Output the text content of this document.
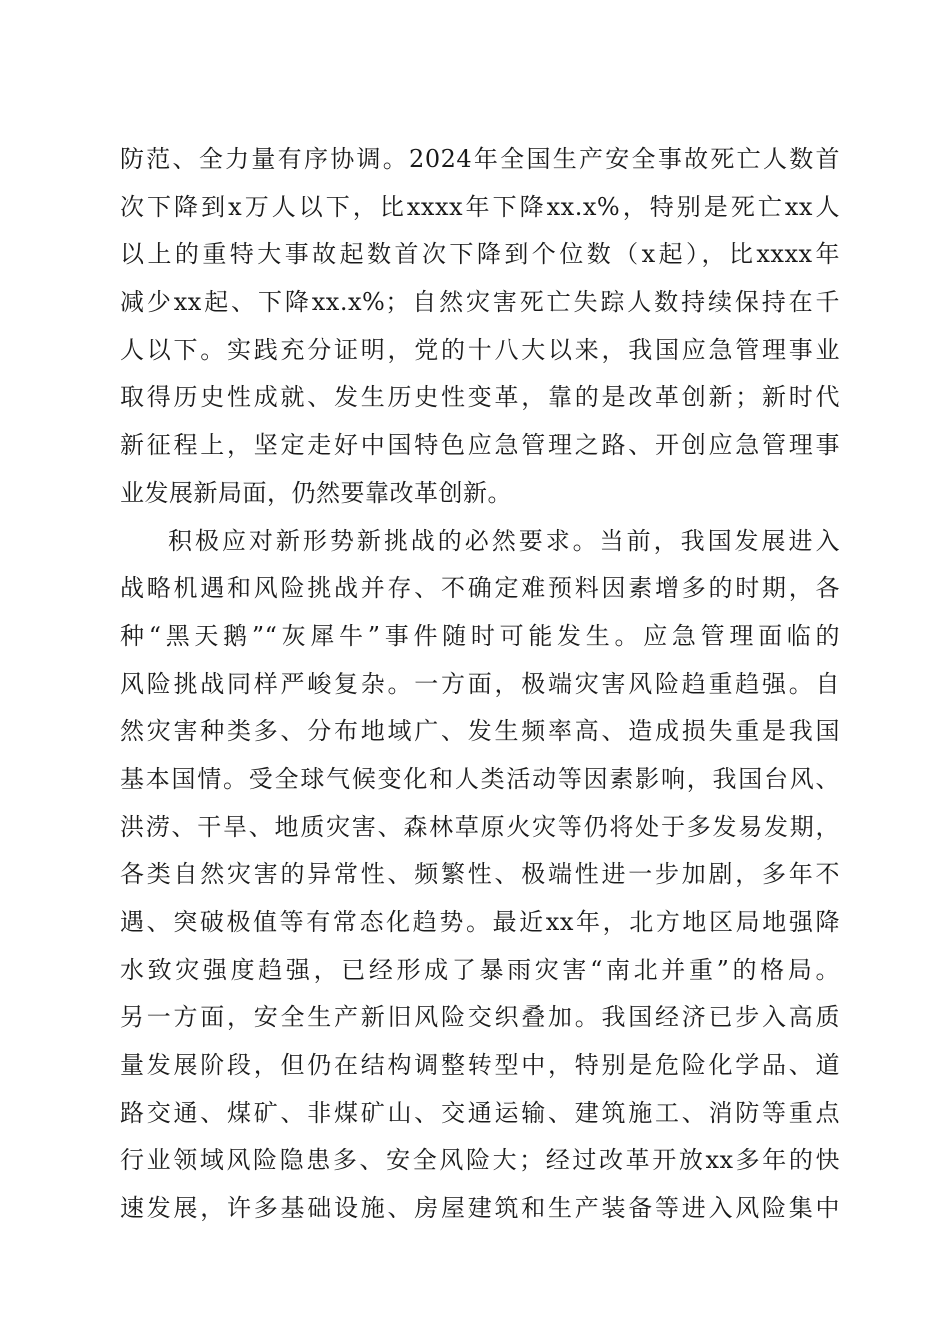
防范、全力量有序协调。2024年全国生产安全事故死亡人数首
次下降到x万人以下，比xxxx年下降xx.x%，特别是死亡xx人
以上的重特大事故起数首次下降到个位数（x起），比xxxx年
减少xx起、下降xx.x%；自然灾害死亡失踪人数持续保持在千
人以下。实践充分证明，党的十八大以来，我国应急管理事业
取得历史性成就、发生历史性变革，靠的是改革创新；新时代
新征程上，坚定走好中国特色应急管理之路、开创应急管理事
业发展新局面，仍然要靠改革创新。
积极应对新形势新挑战的必然要求。当前，我国发展进入
战略机遇和风险挑战并存、不确定难预料因素增多的时期，各
种“黑天鹅”“灰犀牛”事件随时可能发生。应急管理面临的
风险挑战同样严峻复杂。一方面，极端灾害风险趋重趋强。自
然灾害种类多、分布地域广、发生频率高、造成损失重是我国
基本国情。受全球气候变化和人类活动等因素影响，我国台风、
洪涝、干旱、地质灾害、森林草原火灾等仍将处于多发易发期，
各类自然灾害的异常性、频繁性、极端性进一步加剧，多年不
遇、突破极值等有常态化趋势。最近xx年，北方地区局地强降
水致灾强度趋强，已经形成了暴雨灾害“南北并重”的格局。
另一方面，安全生产新旧风险交织叠加。我国经济已步入高质
量发展阶段，但仍在结构调整转型中，特别是危险化学品、道
路交通、煤矿、非煤矿山、交通运输、建筑施工、消防等重点
行业领域风险隐患多、安全风险大；经过改革开放xx多年的快
速发展，许多基础设施、房屋建筑和生产装备等进入风险集中
